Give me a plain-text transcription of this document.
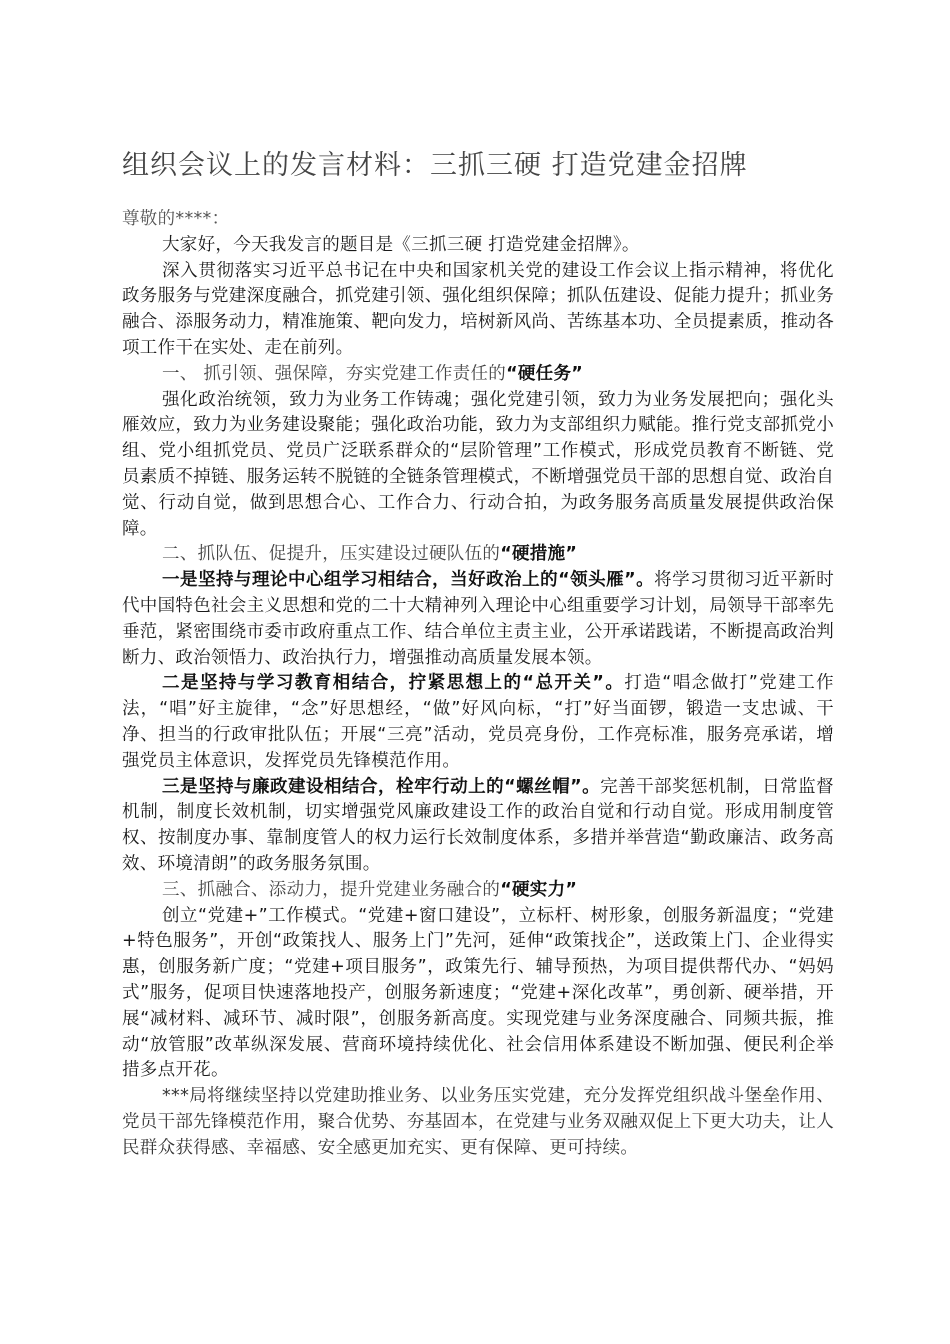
组织会议上的发言材料：三抓三硬 打造党建金招牌

尊敬的****：

大家好，今天我发言的题目是《三抓三硬 打造党建金招牌》。

深入贯彻落实习近平总书记在中央和国家机关党的建设工作会议上指示精神，将优化政务服务与党建深度融合，抓党建引领、强化组织保障；抓队伍建设、促能力提升；抓业务融合、添服务动力，精准施策、靶向发力，培树新风尚、苦练基本功、全员提素质，推动各项工作干在实处、走在前列。

一、 抓引领、强保障，夯实党建工作责任的“硬任务”

强化政治统领，致力为业务工作铸魂；强化党建引领，致力为业务发展把向；强化头雁效应，致力为业务建设聚能；强化政治功能，致力为支部组织力赋能。推行党支部抓党小组、党小组抓党员、党员广泛联系群众的“层阶管理”工作模式，形成党员教育不断链、党员素质不掉链、服务运转不脱链的全链条管理模式，不断增强党员干部的思想自觉、政治自觉、行动自觉，做到思想合心、工作合力、行动合拍，为政务服务高质量发展提供政治保障。

二、抓队伍、促提升，压实建设过硬队伍的“硬措施”

一是坚持与理论中心组学习相结合，当好政治上的“领头雁”。将学习贯彻习近平新时代中国特色社会主义思想和党的二十大精神列入理论中心组重要学习计划，局领导干部率先垂范，紧密围绕市委市政府重点工作、结合单位主责主业，公开承诺践诺，不断提高政治判断力、政治领悟力、政治执行力，增强推动高质量发展本领。

二是坚持与学习教育相结合，拧紧思想上的“总开关”。打造“唱念做打”党建工作法，“唱”好主旋律，“念”好思想经，“做”好风向标，“打”好当面锣，锻造一支忠诚、干净、担当的行政审批队伍；开展“三亮”活动，党员亮身份，工作亮标准，服务亮承诺，增强党员主体意识，发挥党员先锋模范作用。

三是坚持与廉政建设相结合，栓牢行动上的“螺丝帽”。完善干部奖惩机制，日常监督机制，制度长效机制，切实增强党风廉政建设工作的政治自觉和行动自觉。形成用制度管权、按制度办事、靠制度管人的权力运行长效制度体系，多措并举营造“勤政廉洁、政务高效、环境清朗”的政务服务氛围。

三、抓融合、添动力，提升党建业务融合的“硬实力”

创立“党建+”工作模式。“党建+窗口建设”，立标杆、树形象，创服务新温度；“党建+特色服务”，开创“政策找人、服务上门”先河，延伸“政策找企”，送政策上门、企业得实惠，创服务新广度；“党建+项目服务”，政策先行、辅导预热，为项目提供帮代办、“妈妈式”服务，促项目快速落地投产，创服务新速度；“党建+深化改革”，勇创新、硬举措，开展“减材料、减环节、减时限”，创服务新高度。实现党建与业务深度融合、同频共振，推动“放管服”改革纵深发展、营商环境持续优化、社会信用体系建设不断加强、便民利企举措多点开花。

***局将继续坚持以党建助推业务、以业务压实党建，充分发挥党组织战斗堡垒作用、党员干部先锋模范作用，聚合优势、夯基固本，在党建与业务双融双促上下更大功夫，让人民群众获得感、幸福感、安全感更加充实、更有保障、更可持续。
